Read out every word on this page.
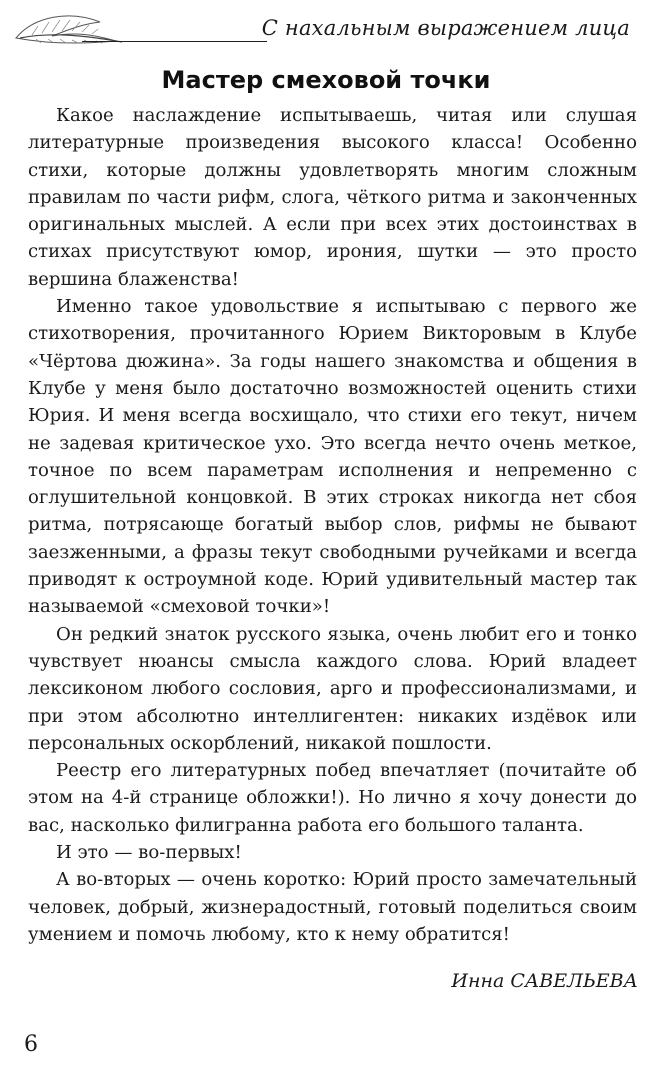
С нахальным выражением лица
Мастер смеховой точки

Какое наслаждение испытываешь, читая или слушая литературные произведения высокого класса! Особенно стихи, которые должны удовлетворять многим сложным правилам по части рифм, слога, чёткого ритма и законченных оригинальных мыслей. А если при всех этих достоинствах в стихах присутствуют юмор, ирония, шутки — это просто вершина блаженства!

Именно такое удовольствие я испытываю с первого же стихотворения, прочитанного Юрием Викторовым в Клубе «Чёртова дюжина». За годы нашего знакомства и общения в Клубе у меня было достаточно возможностей оценить стихи Юрия. И меня всегда восхищало, что стихи его текут, ничем не задевая критическое ухо. Это всегда нечто очень меткое, точное по всем параметрам исполнения и непременно с оглушительной концовкой. В этих строках никогда нет сбоя ритма, потрясающе богатый выбор слов, рифмы не бывают заезженными, а фразы текут свободными ручейками и всегда приводят к остроумной коде. Юрий удивительный мастер так называемой «смеховой точки»!

Он редкий знаток русского языка, очень любит его и тонко чувствует нюансы смысла каждого слова. Юрий владеет лексиконом любого сословия, арго и профессионализмами, и при этом абсолютно интеллигентен: никаких издёвок или персональных оскорблений, никакой пошлости.

Реестр его литературных побед впечатляет (почитайте об этом на 4-й странице обложки!). Но лично я хочу донести до вас, насколько филигранна работа его большого таланта.

И это — во-первых!

А во-вторых — очень коротко: Юрий просто замечательный человек, добрый, жизнерадостный, готовый поделиться своим умением и помочь любому, кто к нему обратится!

Инна САВЕЛЬЕВА
6
